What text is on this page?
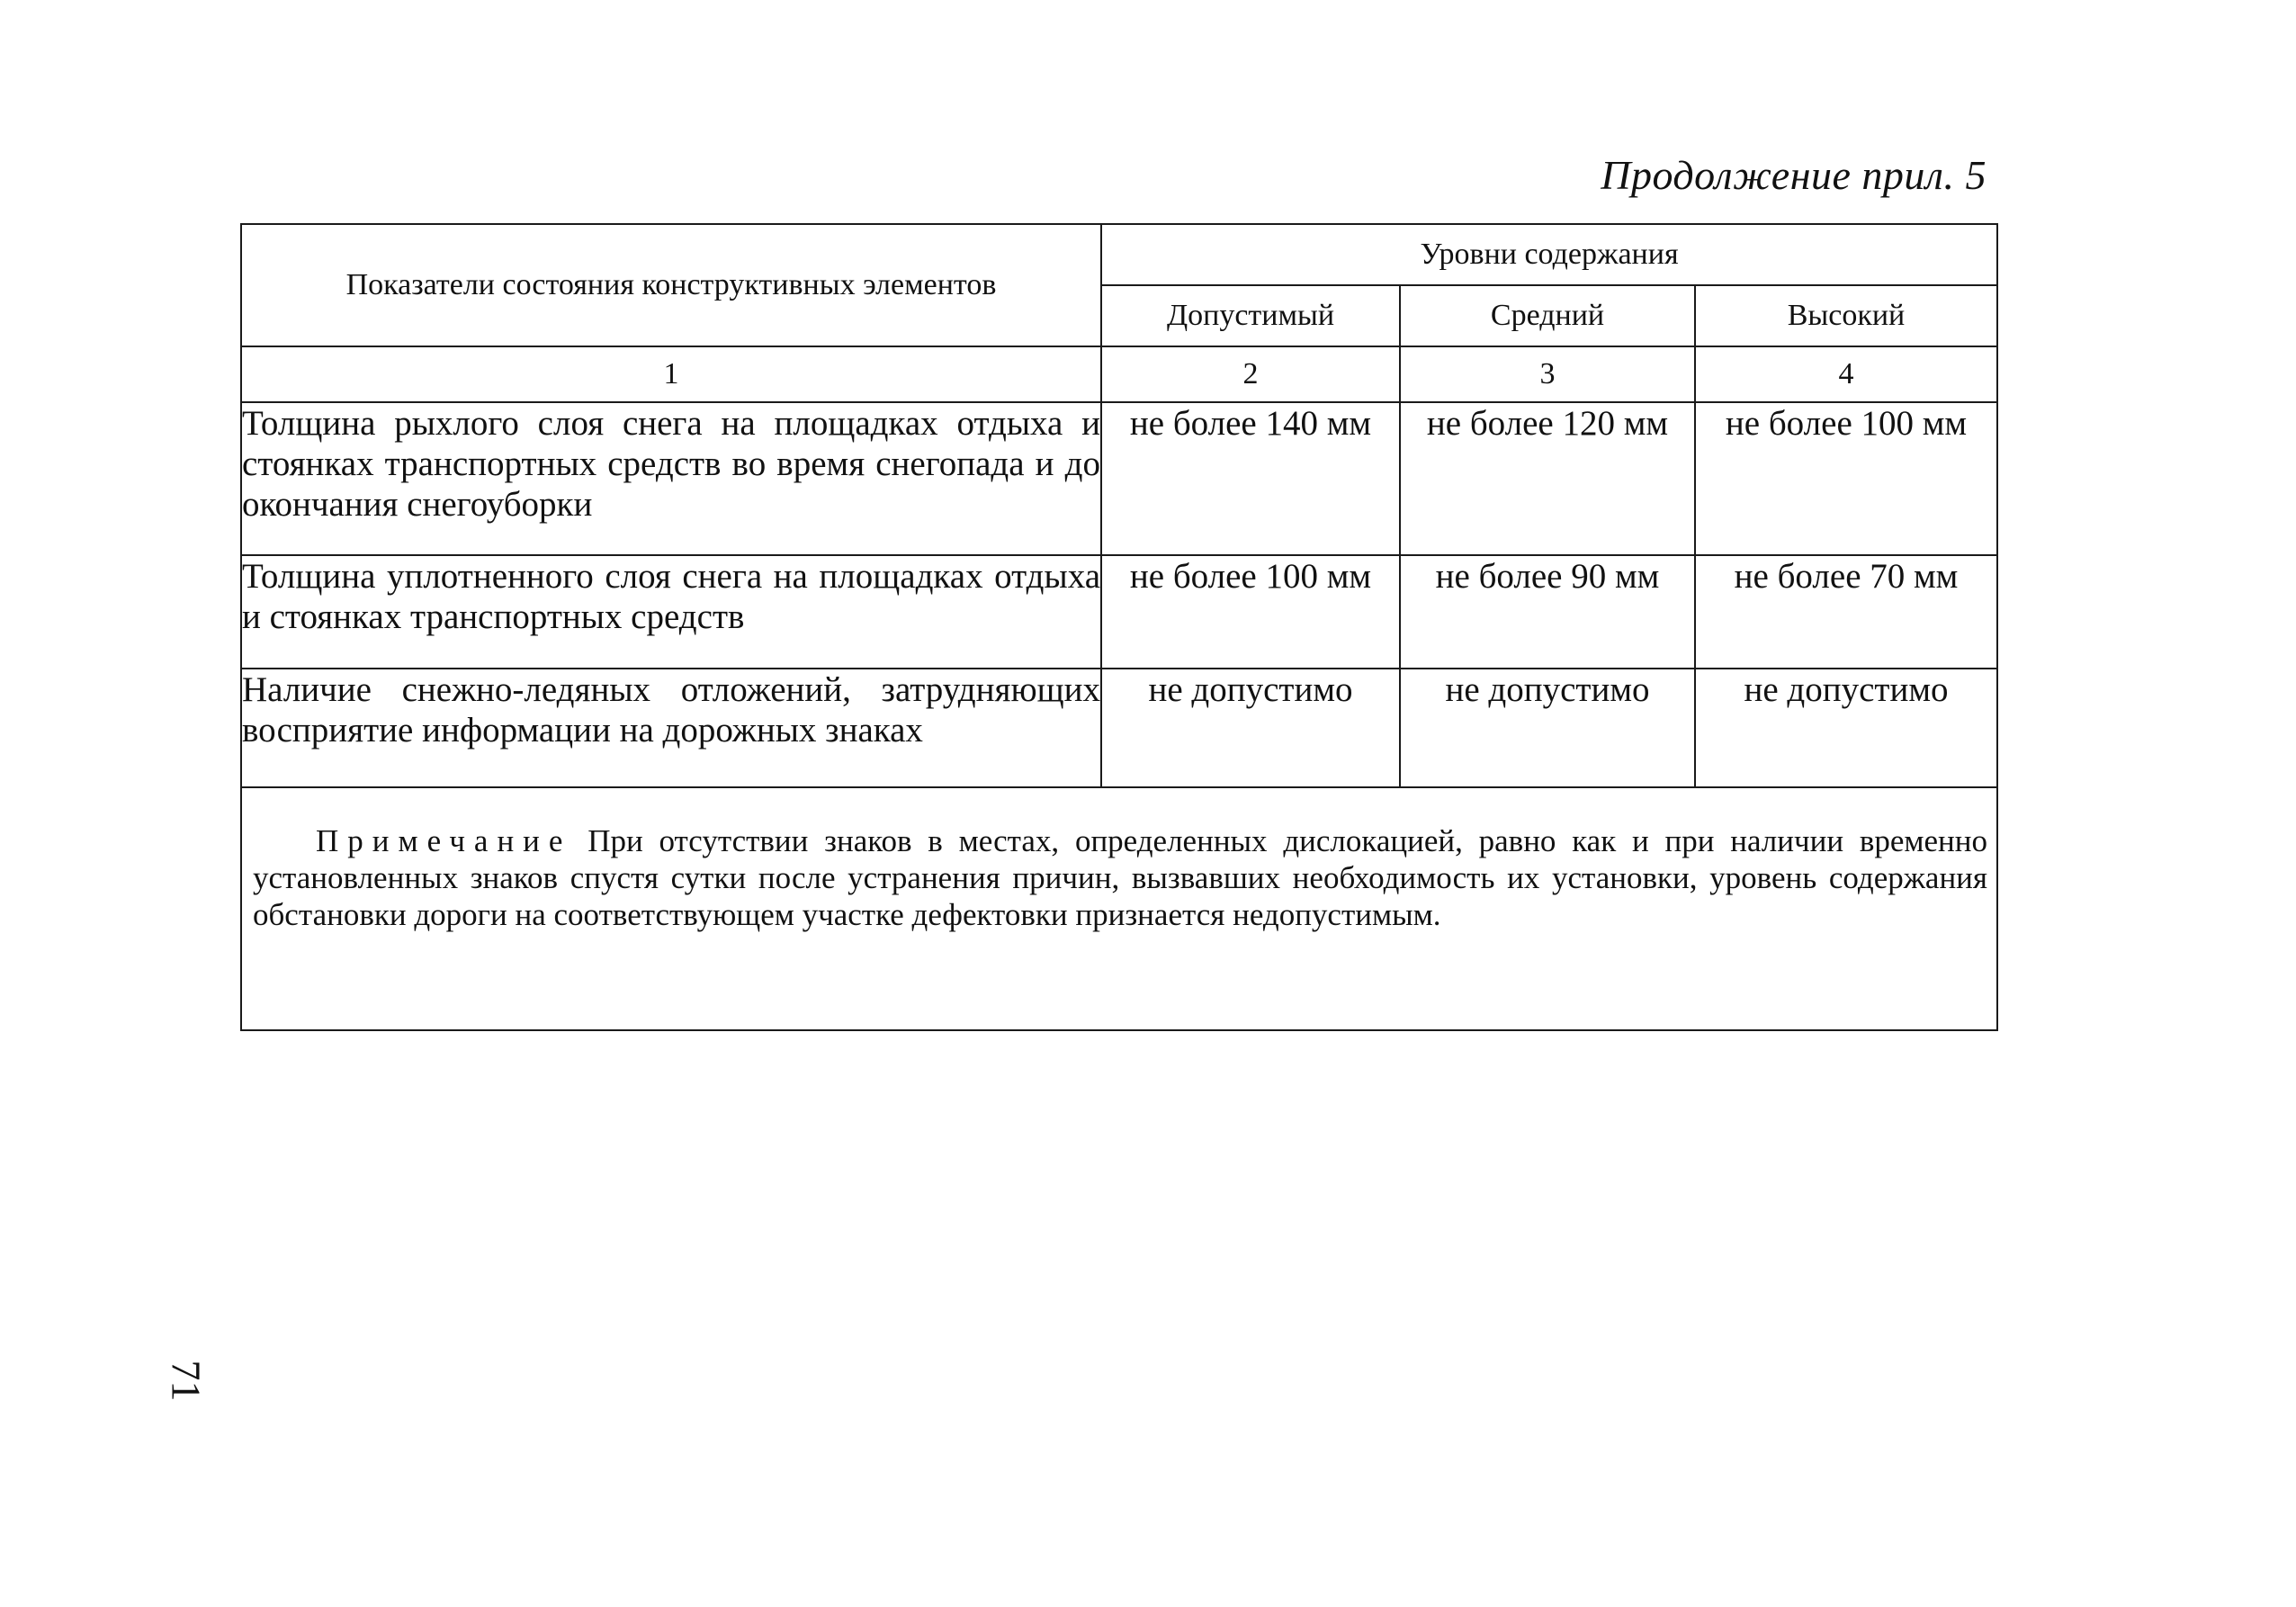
Продолжение прил. 5
Показатели состояния конструктивных элементов	Уровни содержания		
	Допустимый	Средний	Высокий
1	2	3	4
Толщина рыхлого слоя снега на площадках отдыха и стоянках транспортных средств во время снегопада и до окончания снегоуборки	не более 140 мм	не более 120 мм	не более 100 мм
Толщина уплотненного слоя снега на площадках отдыха и стоянках транспортных средств	не более 100 мм	не более 90 мм	не более 70 мм
Наличие снежно-ледяных отложений, затрудняющих восприятие информации на дорожных знаках	не допустимо	не допустимо	не допустимо
Примечание При отсутствии знаков в местах, определенных дислокацией, равно как и при наличии временно установленных знаков спустя сутки после устранения причин, вызвавших необходимость их установки, уровень содержания обстановки дороги на соответствующем участке дефектовки признается недопустимым.			
71
